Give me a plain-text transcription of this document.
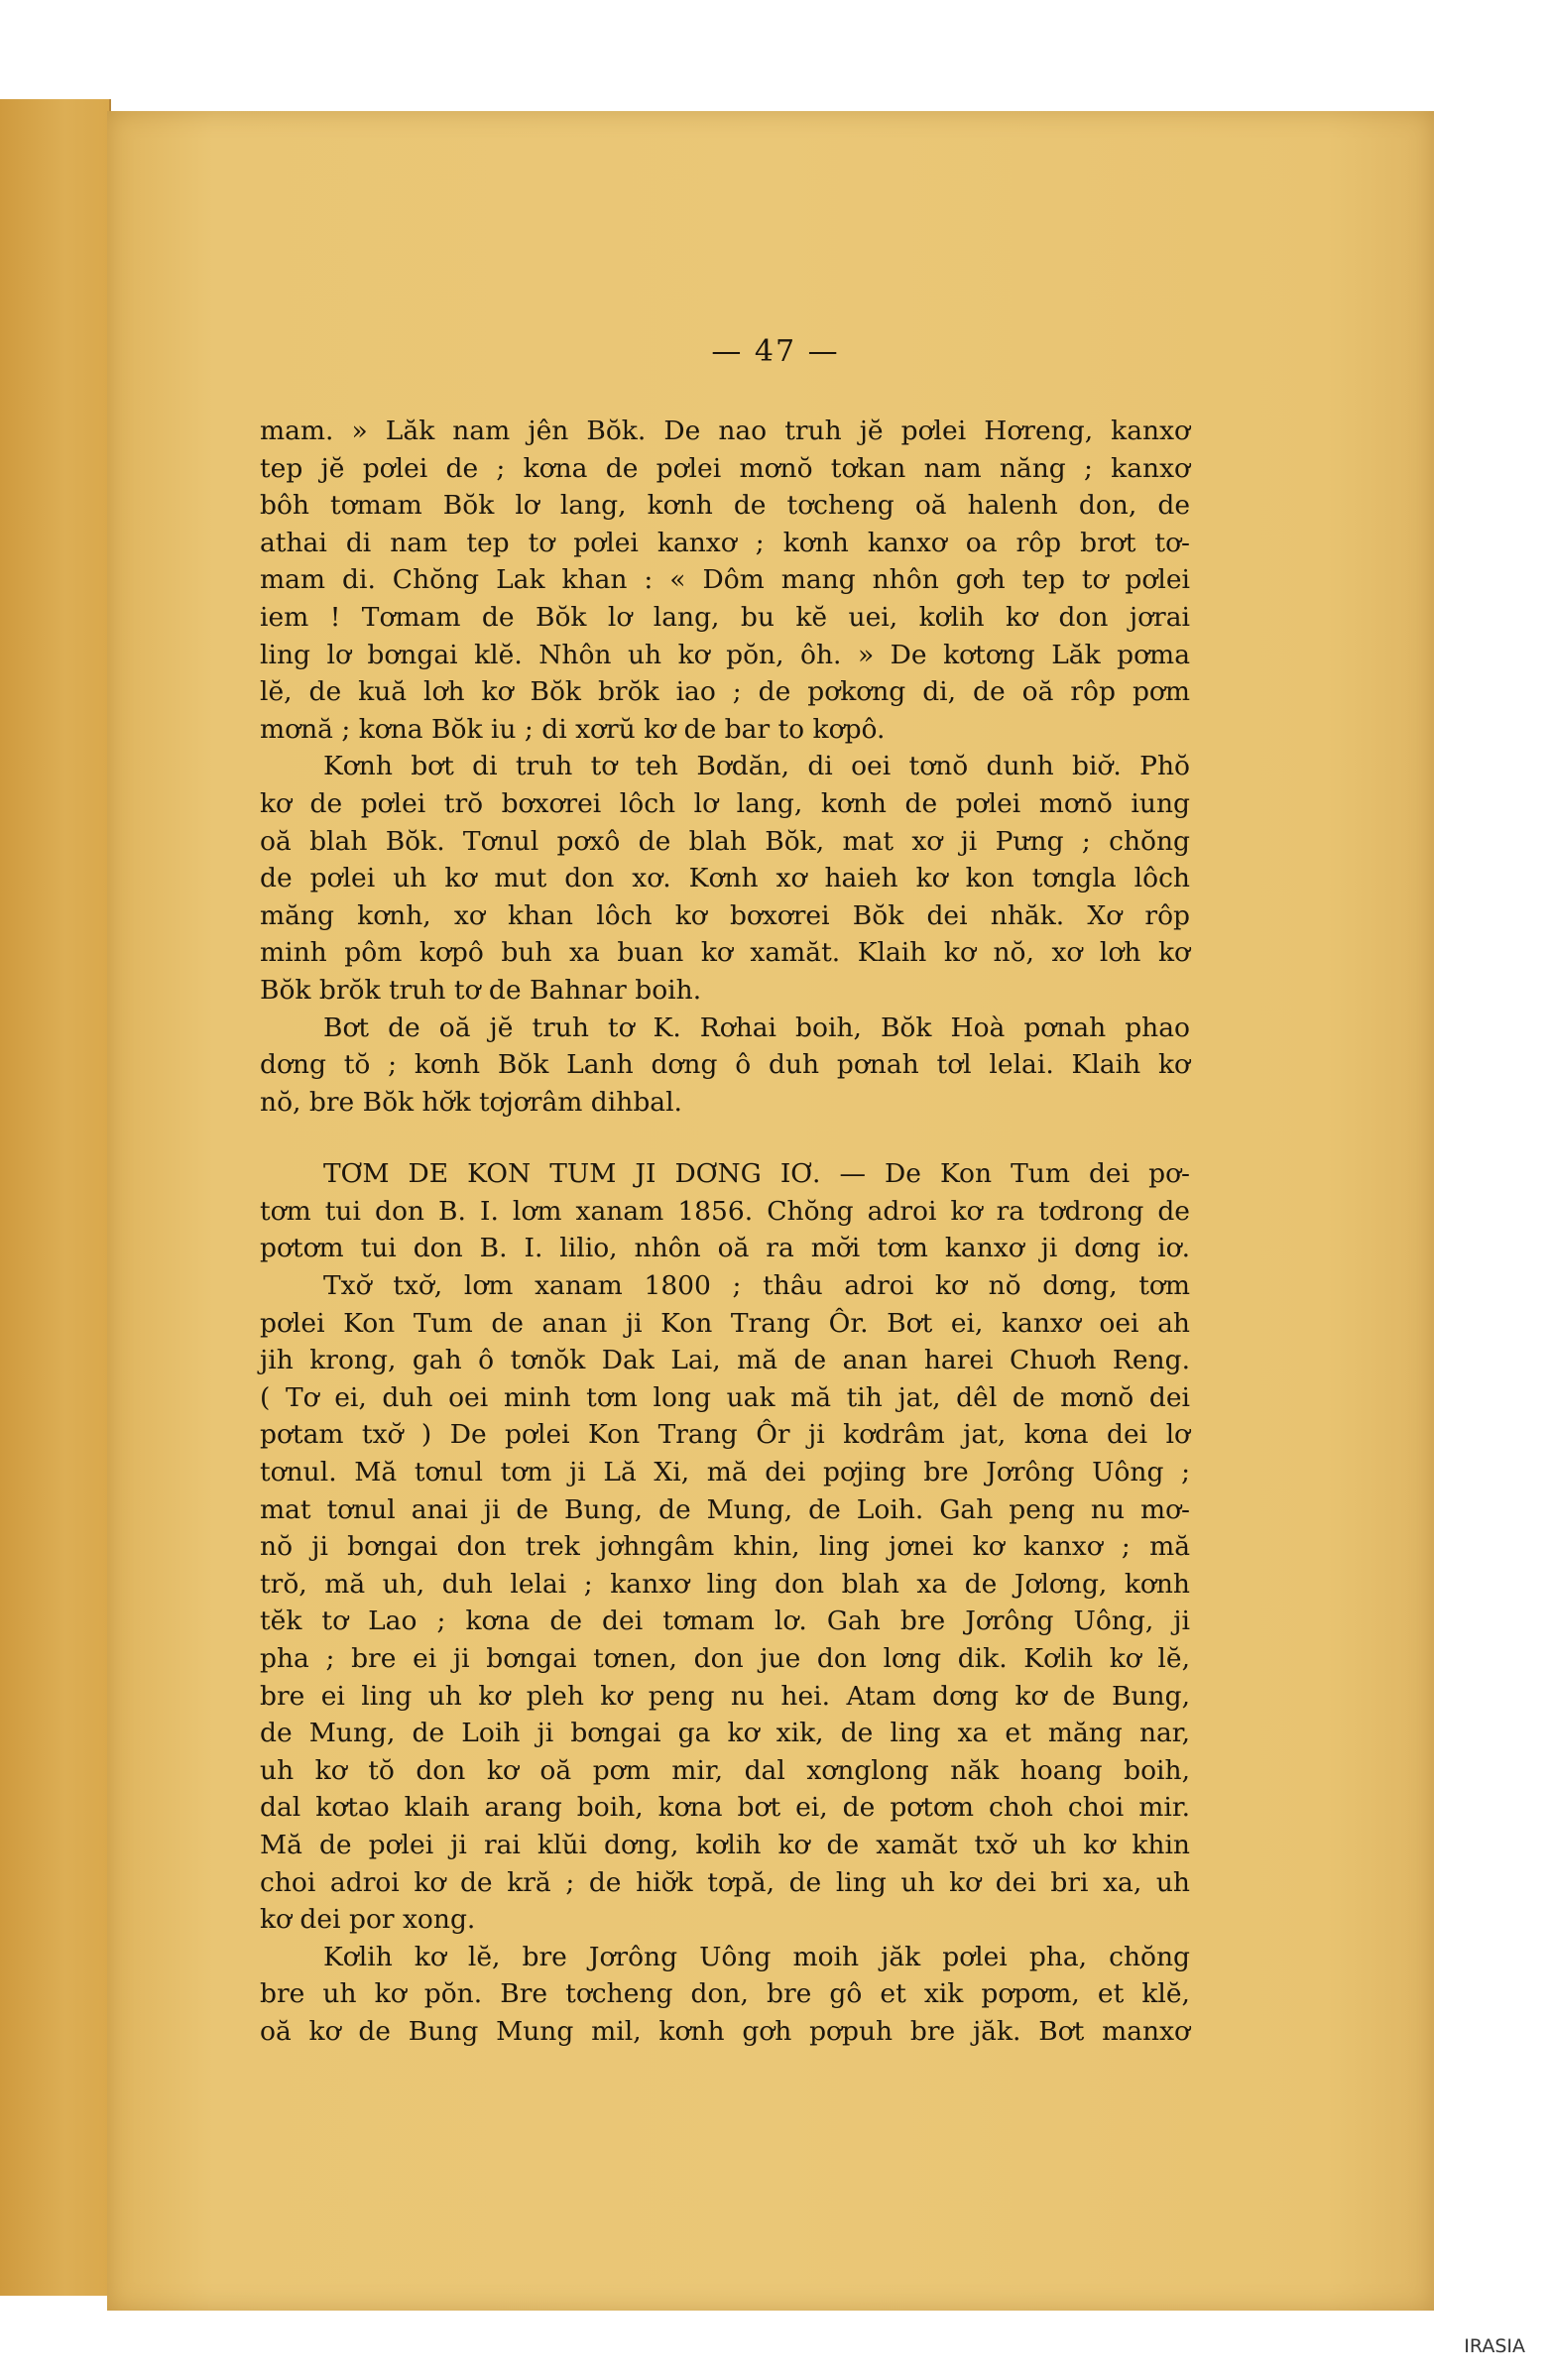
— 47 —

mam. » Lăk nam jên Bŏk. De nao truh jĕ pơlei Hơreng, kanxơ
tep jĕ pơlei de ; kơna de pơlei mơnŏ tơkan nam năng ; kanxơ
bôh tơmam Bŏk lơ lang, kơnh de tơcheng oă halenh don, de
athai di nam tep tơ pơlei kanxơ ; kơnh kanxơ oa rôp brơt tơ-
mam di. Chŏng Lak khan : « Dôm mang nhôn gơh tep tơ pơlei
iem ! Tơmam de Bŏk lơ lang, bu kĕ uei, kơlih kơ don jơrai
ling lơ bơngai klĕ. Nhôn uh kơ pŏn, ôh. » De kơtơng Lăk pơma
lĕ, de kuă lơh kơ Bŏk brŏk iao ; de pơkơng di, de oă rôp pơm

mơnă ; kơna Bŏk iu ; di xơrŭ kơ de bar to kơpô.

Kơnh bơt di truh tơ teh Bơdăn, di oei tơnŏ dunh biơ̆. Phŏ
kơ de pơlei trŏ bơxơrei lôch lơ lang, kơnh de pơlei mơnŏ iung
oă blah Bŏk. Tơnul pơxô de blah Bŏk, mat xơ ji Pưng ; chŏng
de pơlei uh kơ mut don xơ. Kơnh xơ haieh kơ kon tơngla lôch
măng kơnh, xơ khan lôch kơ bơxơrei Bŏk dei nhăk. Xơ rôp
minh pôm kơpô buh xa buan kơ xamăt. Klaih kơ nŏ, xơ lơh kơ

Bŏk brŏk truh tơ de Bahnar boih.

Bơt de oă jĕ truh tơ K. Rơhai boih, Bŏk Hoà pơnah phao
dơng tŏ ; kơnh Bŏk Lanh dơng ô duh pơnah tơl lelai. Klaih kơ

nŏ, bre Bŏk hơ̆k tơjơrâm dihbal.

TƠM DE KON TUM JI DƠNG IƠ. — De Kon Tum dei pơ-
tơm tui don B. I. lơm xanam 1856. Chŏng adroi kơ ra tơdrong de
pơtơm tui don B. I. lilio, nhôn oă ra mơ̆i tơm kanxơ ji dơng iơ.

Txơ̆ txơ̆, lơm xanam 1800 ; thâu adroi kơ nŏ dơng, tơm
pơlei Kon Tum de anan ji Kon Trang Ôr. Bơt ei, kanxơ oei ah
jih krong, gah ô tơnŏk Dak Lai, mă de anan harei Chuơh Reng.
( Tơ ei, duh oei minh tơm long uak mă tih jat, dêl de mơnŏ dei
pơtam txơ̆ ) De pơlei Kon Trang Ôr ji kơdrâm jat, kơna dei lơ
tơnul. Mă tơnul tơm ji Lă Xi, mă dei pơjing bre Jơrông Uông ;
mat tơnul anai ji de Bung, de Mung, de Loih. Gah peng nu mơ-
nŏ ji bơngai don trek jơhngâm khin, ling jơnei kơ kanxơ ; mă
trŏ, mă uh, duh lelai ; kanxơ ling don blah xa de Jơlơng, kơnh
tĕk tơ Lao ; kơna de dei tơmam lơ. Gah bre Jơrông Uông, ji
pha ; bre ei ji bơngai tơnen, don jue don lơng dik. Kơlih kơ lĕ,
bre ei ling uh kơ pleh kơ peng nu hei. Atam dơng kơ de Bung,
de Mung, de Loih ji bơngai ga kơ xik, de ling xa et măng nar,
uh kơ tŏ don kơ oă pơm mir, dal xơnglong năk hoang boih,
dal kơtao klaih arang boih, kơna bơt ei, de pơtơm choh choi mir.
Mă de pơlei ji rai klŭi dơng, kơlih kơ de xamăt txơ̆ uh kơ khin
choi adroi kơ de kră ; de hiơ̆k tơpă, de ling uh kơ dei bri xa, uh

kơ dei por xong.

Kơlih kơ lĕ, bre Jơrông Uông moih jăk pơlei pha, chŏng
bre uh kơ pŏn. Bre tơcheng don, bre gô et xik pơpơm, et klĕ,
oă kơ de Bung Mung mil, kơnh gơh pơpuh bre jăk. Bơt manxơ

IRASIA
